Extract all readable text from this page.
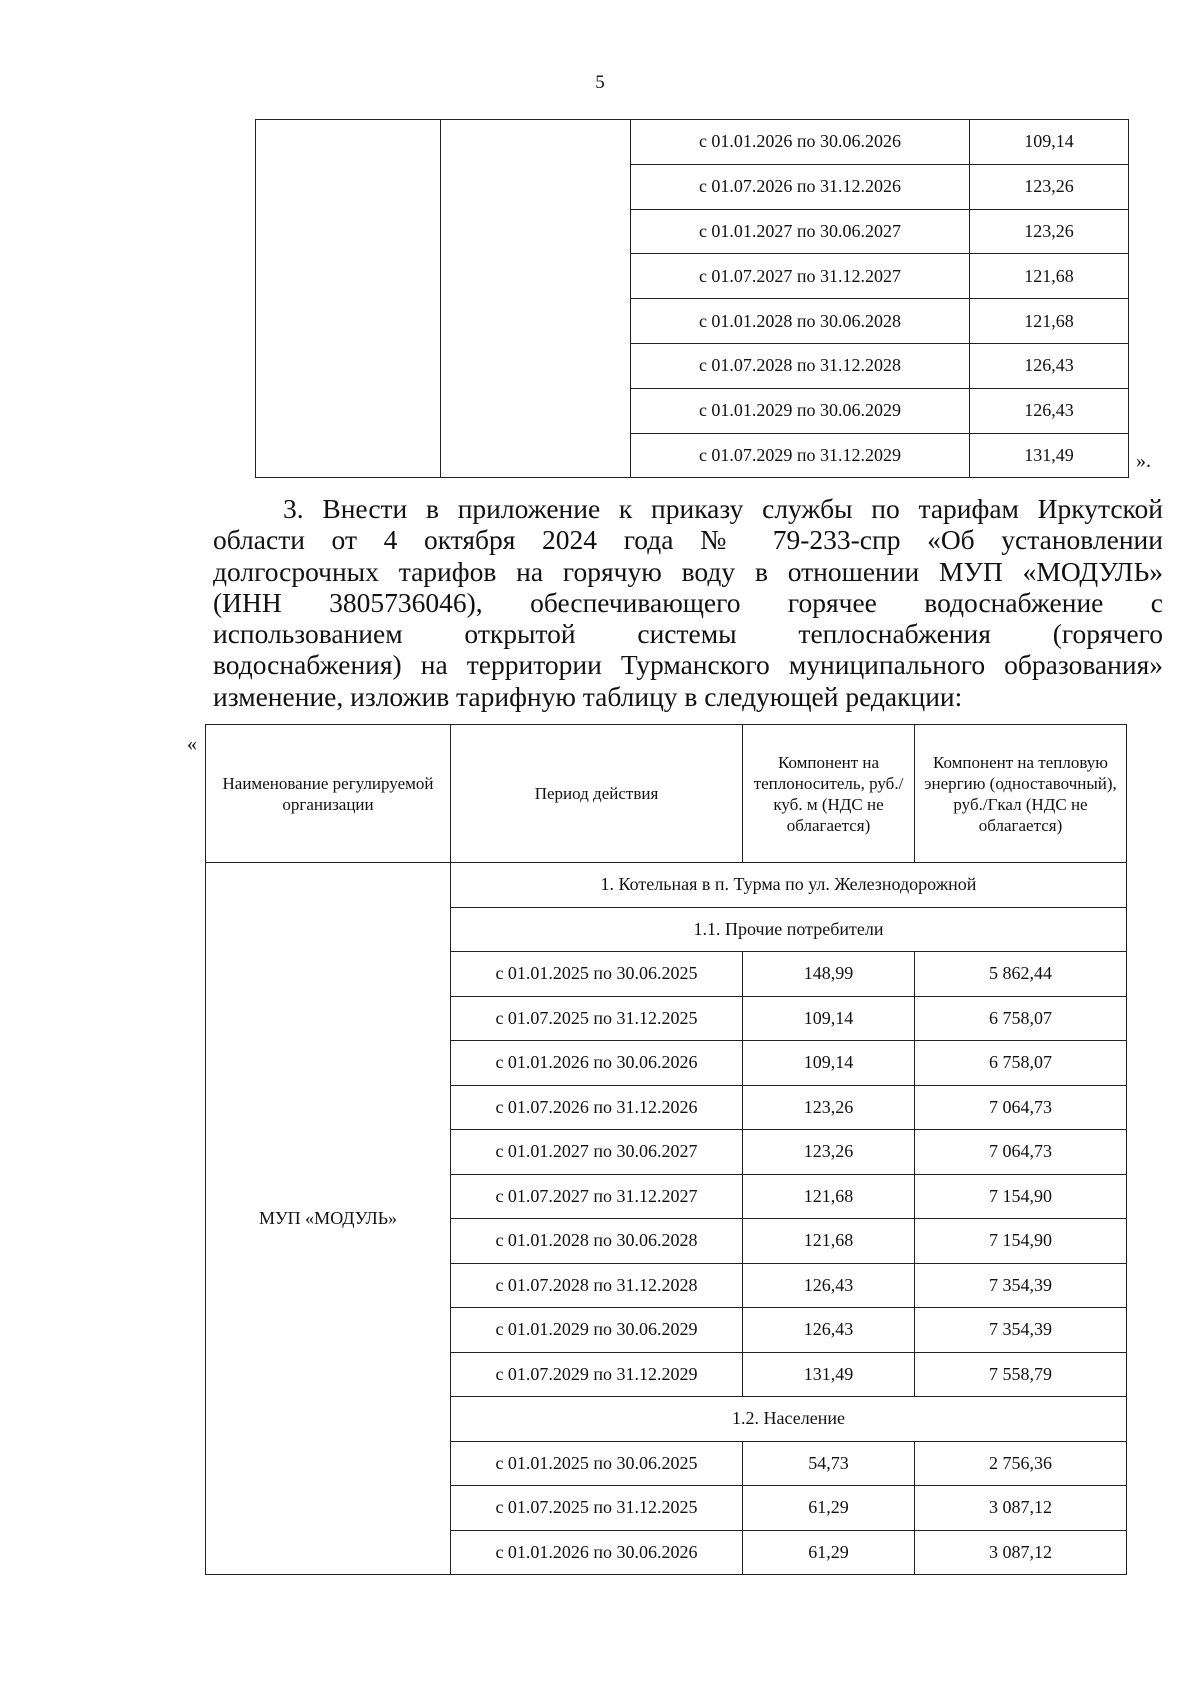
5
		с 01.01.2026 по 30.06.2026	109,14
		с 01.07.2026 по 31.12.2026	123,26
		с 01.01.2027 по 30.06.2027	123,26
		с 01.07.2027 по 31.12.2027	121,68
		с 01.01.2028 по 30.06.2028	121,68
		с 01.07.2028 по 31.12.2028	126,43
		с 01.01.2029 по 30.06.2029	126,43
		с 01.07.2029 по 31.12.2029	131,49	».

3. Внести в приложение к приказу службы по тарифам Иркутской

области от 4 октября 2024 года № 79-233-спр «Об установлении

долгосрочных тарифов на горячую воду в отношении МУП «МОДУЛЬ»

(ИНН 3805736046), обеспечивающего горячее водоснабжение с

использованием открытой системы теплоснабжения (горячего

водоснабжения) на территории Турманского муниципального образования»

изменение, изложив тарифную таблицу в следующей редакции:

«
Наименование регулируемой организации	Период действия	Компонент на теплоноситель, руб./куб. м (НДС не облагается)	Компонент на тепловую энергию (одноставочный), руб./Гкал (НДС не облагается)
МУП «МОДУЛЬ»	1. Котельная в п. Турма по ул. Железнодорожной		
	1.1. Прочие потребители		
	с 01.01.2025 по 30.06.2025	148,99	5 862,44
	с 01.07.2025 по 31.12.2025	109,14	6 758,07
	с 01.01.2026 по 30.06.2026	109,14	6 758,07
	с 01.07.2026 по 31.12.2026	123,26	7 064,73
	с 01.01.2027 по 30.06.2027	123,26	7 064,73
	с 01.07.2027 по 31.12.2027	121,68	7 154,90
	с 01.01.2028 по 30.06.2028	121,68	7 154,90
	с 01.07.2028 по 31.12.2028	126,43	7 354,39
	с 01.01.2029 по 30.06.2029	126,43	7 354,39
	с 01.07.2029 по 31.12.2029	131,49	7 558,79
	1.2. Население		
	с 01.01.2025 по 30.06.2025	54,73	2 756,36
	с 01.07.2025 по 31.12.2025	61,29	3 087,12
	с 01.01.2026 по 30.06.2026	61,29	3 087,12
